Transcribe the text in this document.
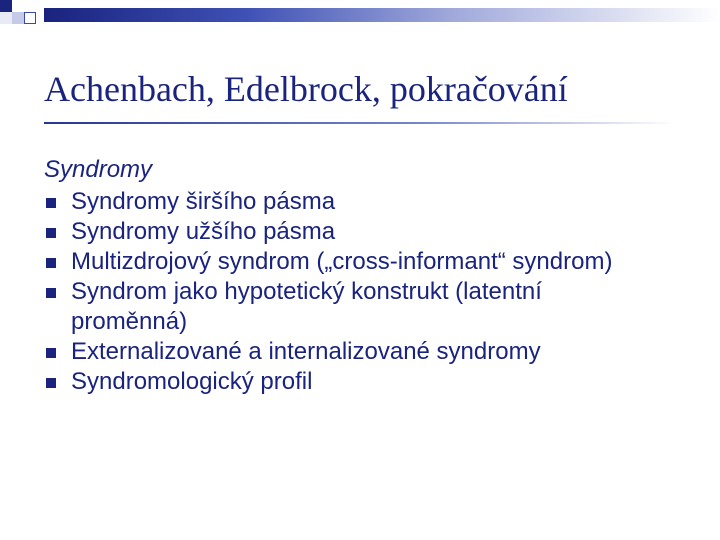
Achenbach, Edelbrock, pokračování

Syndromy

Syndromy širšího pásma
Syndromy užšího pásma
Multizdrojový syndrom („cross-informant“ syndrom)
Syndrom jako hypotetický konstrukt (latentní proměnná)
Externalizované a internalizované syndromy
Syndromologický profil
